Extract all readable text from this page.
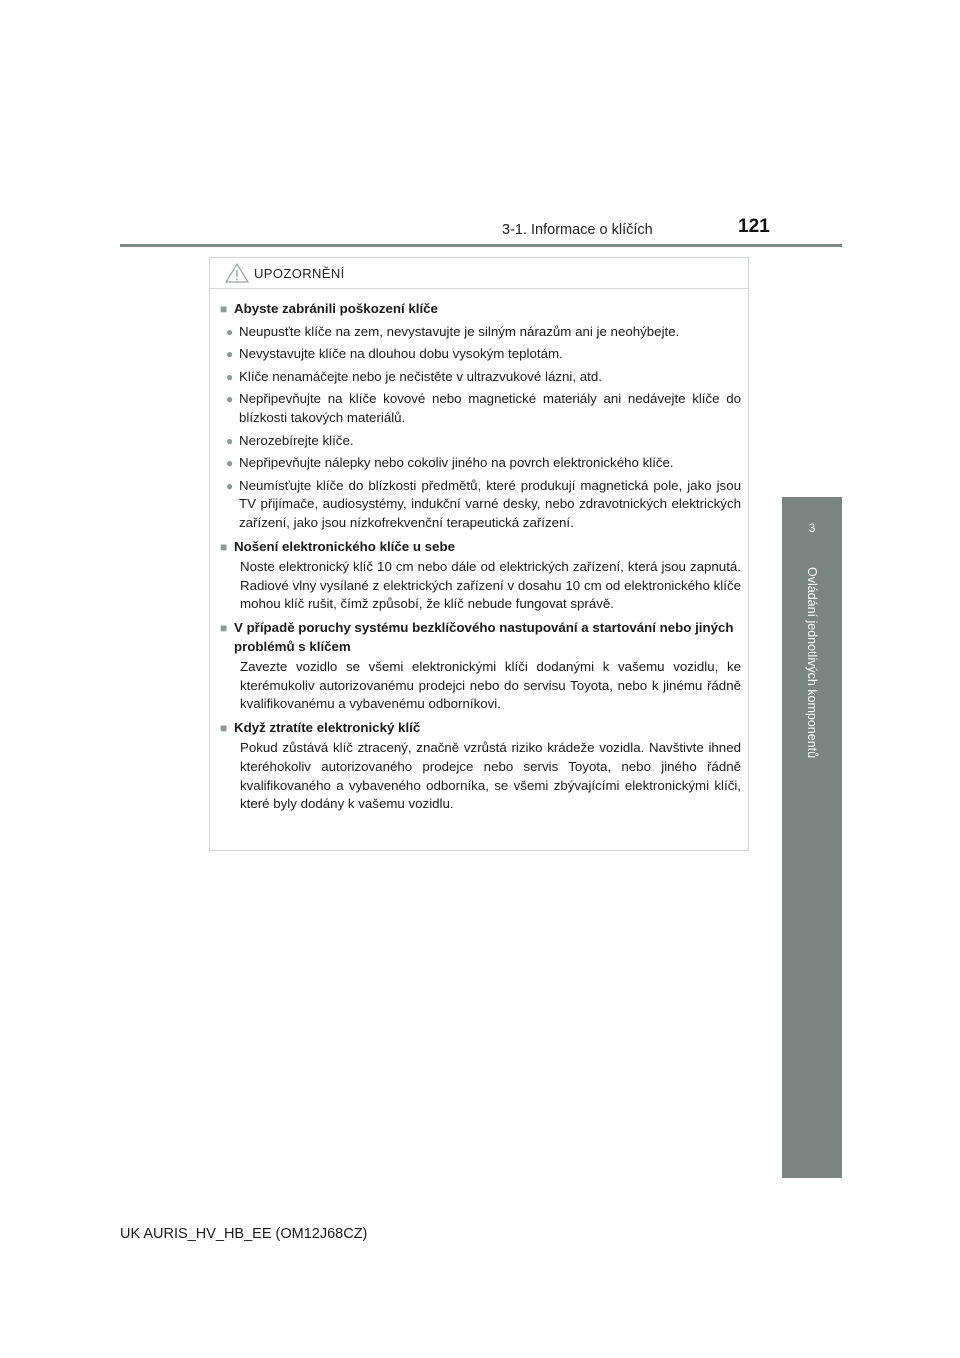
3-1. Informace o klíčích	121
3
Ovládání jednotlivých komponentů
UPOZORNĚNÍ
■ Abyste zabránili poškození klíče
● Neupusťte klíče na zem, nevystavujte je silným nárazům ani je neohýbejte.
● Nevystavujte klíče na dlouhou dobu vysokým teplotám.
● Klíče nenamáčejte nebo je nečistěte v ultrazvukové lázni, atd.
● Nepřipevňujte na klíče kovové nebo magnetické materiály ani nedávejte klíče do blízkosti takových materiálů.
● Nerozebírejte klíče.
● Nepřipevňujte nálepky nebo cokoliv jiného na povrch elektronického klíče.
● Neumísťujte klíče do blízkosti předmětů, které produkují magnetická pole, jako jsou TV přijímače, audiosystémy, indukční varné desky, nebo zdravotnických elektrických zařízení, jako jsou nízkofrekvenční terapeutická zařízení.
■ Nošení elektronického klíče u sebe
Noste elektronický klíč 10 cm nebo dále od elektrických zařízení, která jsou zapnutá. Radiové vlny vysílané z elektrických zařízení v dosahu 10 cm od elektronického klíče mohou klíč rušit, čímž způsobí, že klíč nebude fungovat správě.
■ V případě poruchy systému bezklíčového nastupování a startování nebo jiných problémů s klíčem
Zavezte vozidlo se všemi elektronickými klíči dodanými k vašemu vozidlu, ke kterémukoliv autorizovanému prodejci nebo do servisu Toyota, nebo k jinému řádně kvalifikovanému a vybavenému odborníkovi.
■ Když ztratíte elektronický klíč
Pokud zůstává klíč ztracený, značně vzrůstá riziko krádeže vozidla. Navštivte ihned kteréhokoliv autorizovaného prodejce nebo servis Toyota, nebo jiného řádně kvalifikovaného a vybaveného odborníka, se všemi zbývajícími elektronickými klíči, které byly dodány k vašemu vozidlu.
UK AURIS_HV_HB_EE (OM12J68CZ)
